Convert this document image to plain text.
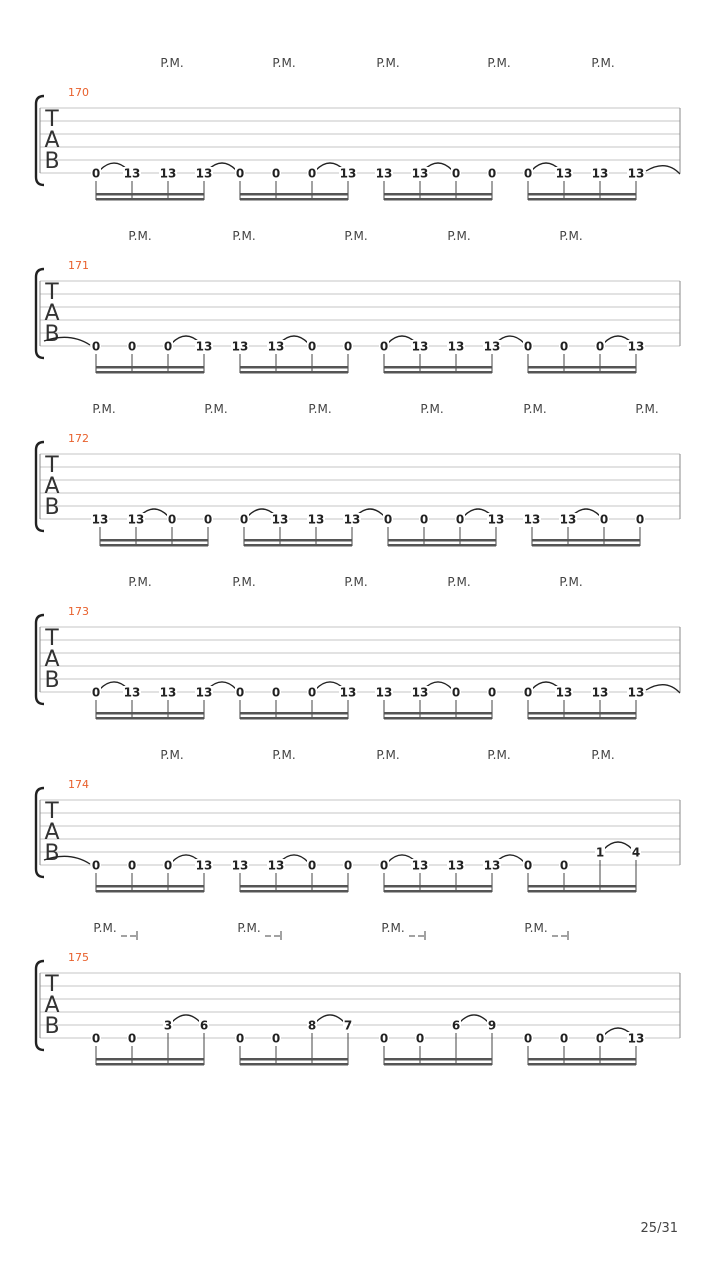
P.M.	P.M.	P.M.	P.M.	P.M.
170
T
A
B	0 13 13 13 0 0 0 13 13 13 0 0 0 13 13 13
P.M.	P.M.	P.M.	P.M.	P.M.
171
T
A
B	0 0 0 13 13 13 0 0 0 13 13 13 0 0 0 13
P.M.	P.M.	P.M.	P.M.	P.M.	P.M.
172
T
A
B	13 13 0 0 0 13 13 13 0 0 0 13 13 13 0 0
P.M.	P.M.	P.M.	P.M.	P.M.
173
T
A
B	0 13 13 13 0 0 0 13 13 13 0 0 0 13 13 13
P.M.	P.M.	P.M.	P.M.	P.M.
174
T
A
B	0 0 0 13 13 13 0 0 0 13 13 13 0 0
1 4
P.M.	P.M.	P.M.	P.M.
175
T
A
B	0 0
3 6
0 0
8 7
0 0
6 9
0 0 0 13
25/31
